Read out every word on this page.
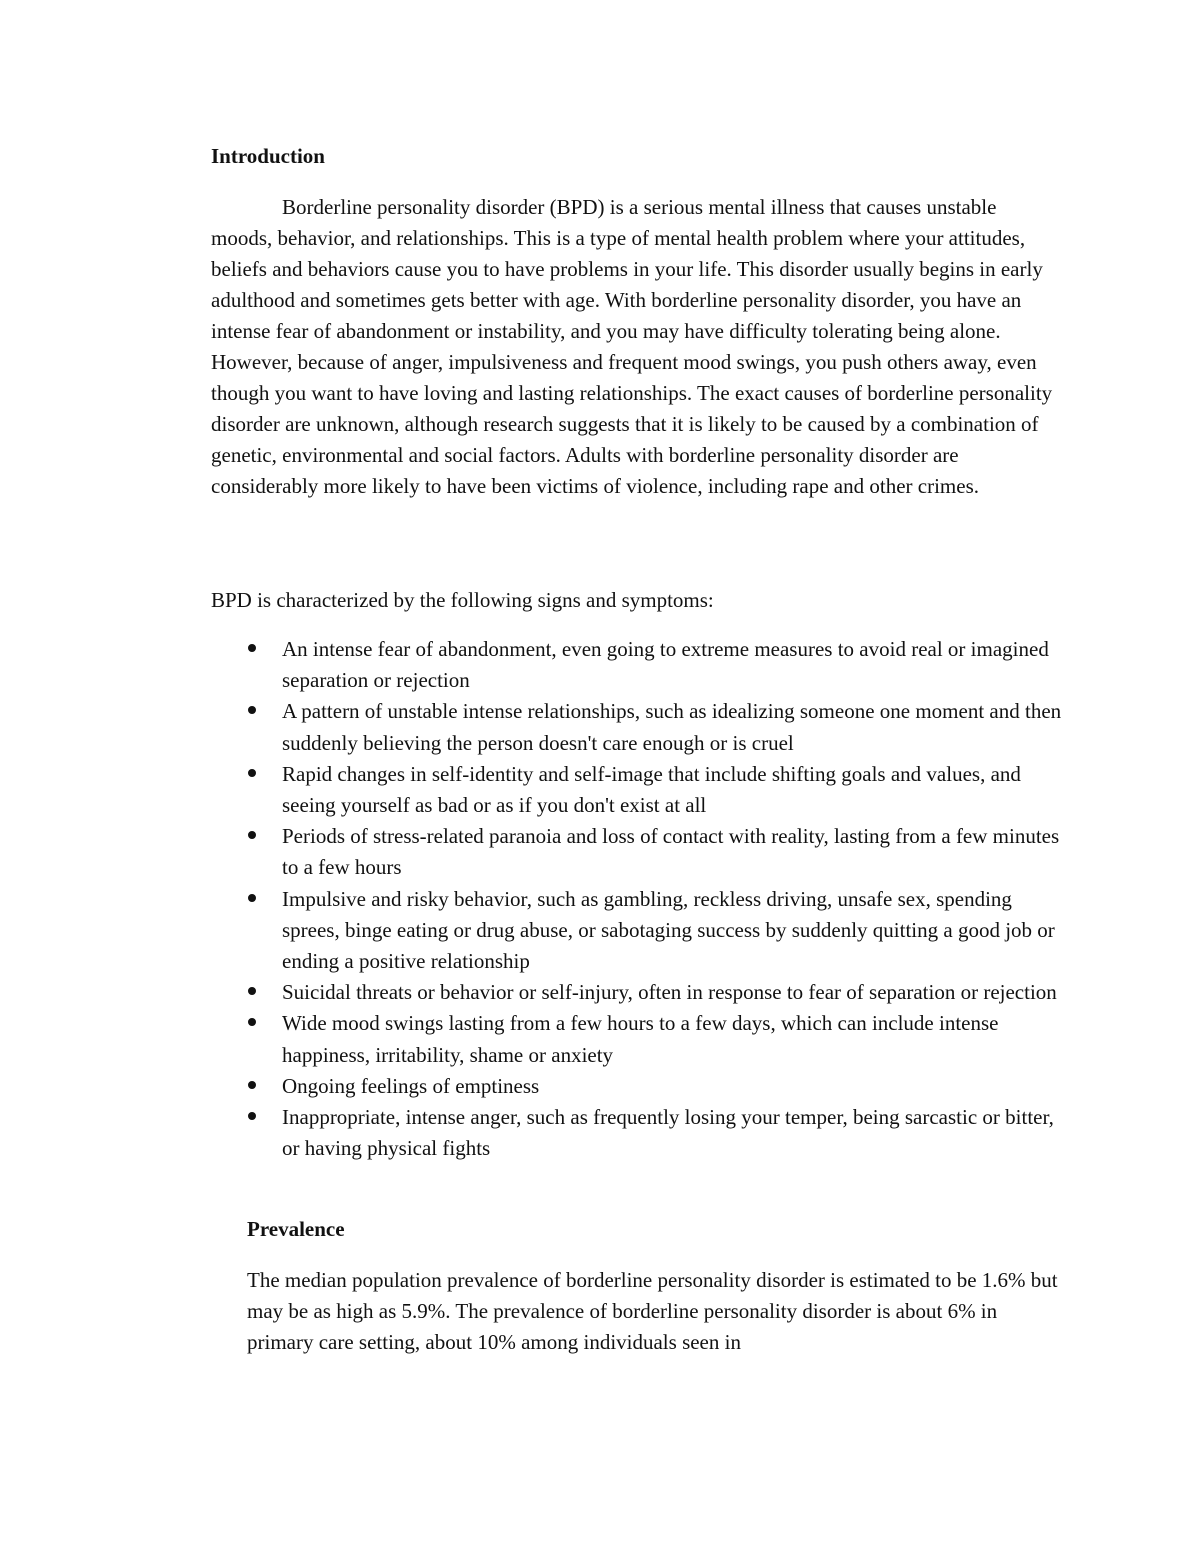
Introduction
Borderline personality disorder (BPD) is a serious mental illness that causes unstable moods, behavior, and relationships. This is a type of mental health problem where your attitudes, beliefs and behaviors cause you to have problems in your life. This disorder usually begins in early adulthood and sometimes gets better with age. With borderline personality disorder, you have an intense fear of abandonment or instability, and you may have difficulty tolerating being alone. However, because of anger, impulsiveness and frequent mood swings, you push others away, even though you want to have loving and lasting relationships. The exact causes of borderline personality disorder are unknown, although research suggests that it is likely to be caused by a combination of genetic, environmental and social factors. Adults with borderline personality disorder are considerably more likely to have been victims of violence, including rape and other crimes.
BPD is characterized by the following signs and symptoms:
An intense fear of abandonment, even going to extreme measures to avoid real or imagined separation or rejection
A pattern of unstable intense relationships, such as idealizing someone one moment and then suddenly believing the person doesn't care enough or is cruel
Rapid changes in self-identity and self-image that include shifting goals and values, and seeing yourself as bad or as if you don't exist at all
Periods of stress-related paranoia and loss of contact with reality, lasting from a few minutes to a few hours
Impulsive and risky behavior, such as gambling, reckless driving, unsafe sex, spending sprees, binge eating or drug abuse, or sabotaging success by suddenly quitting a good job or ending a positive relationship
Suicidal threats or behavior or self-injury, often in response to fear of separation or rejection
Wide mood swings lasting from a few hours to a few days, which can include intense happiness, irritability, shame or anxiety
Ongoing feelings of emptiness
Inappropriate, intense anger, such as frequently losing your temper, being sarcastic or bitter, or having physical fights
Prevalence
The median population prevalence of borderline personality disorder is estimated to be 1.6% but may be as high as 5.9%. The prevalence of borderline personality disorder is about 6% in primary care setting, about 10% among individuals seen in
